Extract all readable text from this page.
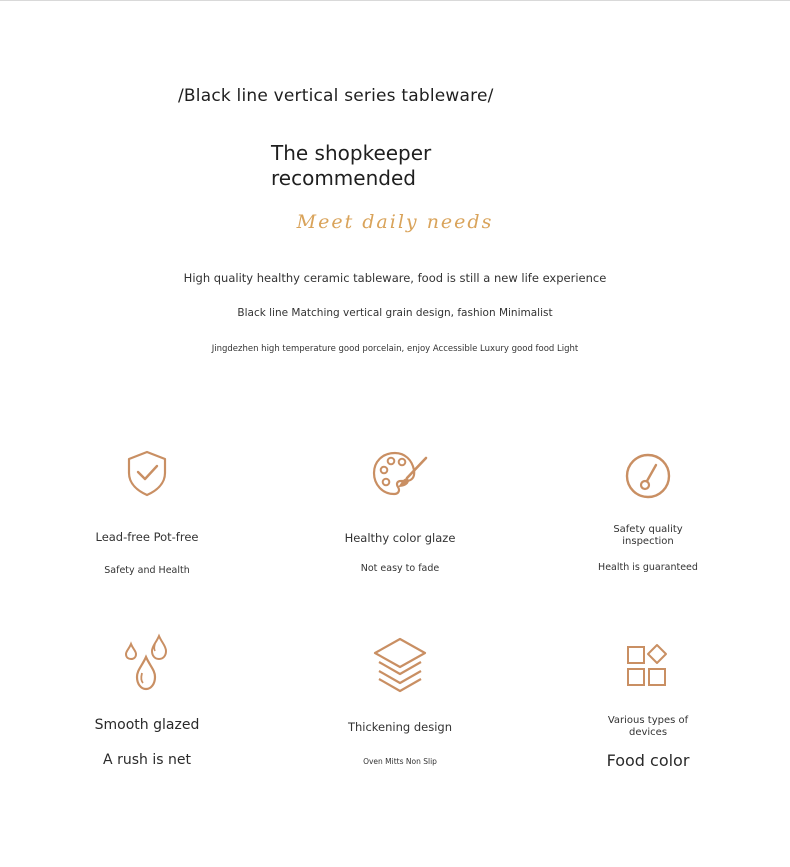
/Black line vertical series tableware/
The shopkeeper recommended
Meet daily needs
High quality healthy ceramic tableware, food is still a new life experience
Black line Matching vertical grain design, fashion Minimalist
Jingdezhen high temperature good porcelain, enjoy Accessible Luxury good food Light
Lead-free Pot-free
Safety and Health
Healthy color glaze
Not easy to fade
Safety quality inspection
Health is guaranteed
Smooth glazed
A rush is net
Thickening design
Oven Mitts Non Slip
Various types of devices
Food color
